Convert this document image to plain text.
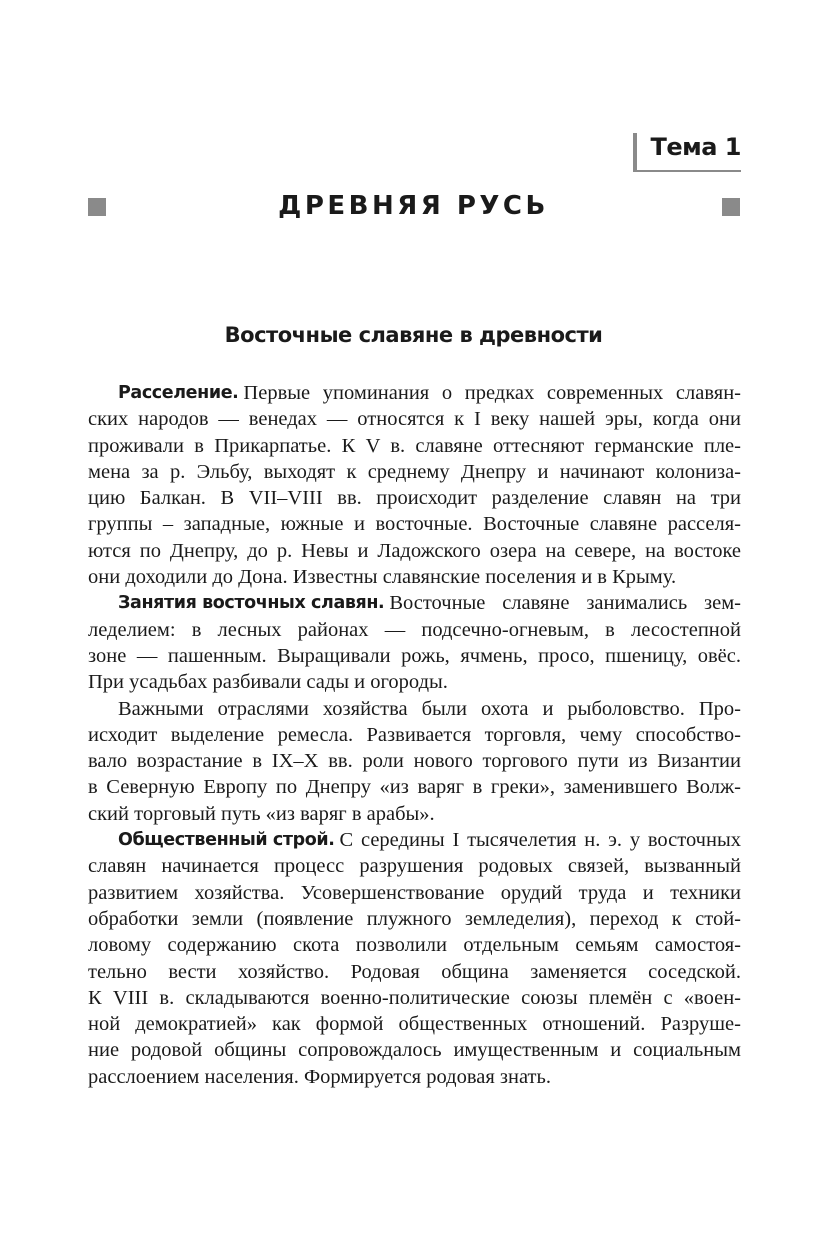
Тема 1
ДРЕВНЯЯ РУСЬ
Восточные славяне в древности
Расселение. Первые упоминания о предках современных славян-
ских народов — венедах — относятся к I веку нашей эры, когда они
проживали в Прикарпатье. К V в. славяне оттесняют германские пле-
мена за р. Эльбу, выходят к среднему Днепру и начинают колониза-
цию Балкан. В VII–VIII вв. происходит разделение славян на три
группы – западные, южные и восточные. Восточные славяне расселя-
ются по Днепру, до р. Невы и Ладожского озера на севере, на востоке
они доходили до Дона. Известны славянские поселения и в Крыму.
Занятия восточных славян. Восточные славяне занимались зем-
леделием: в лесных районах — подсечно-огневым, в лесостепной
зоне — пашенным. Выращивали рожь, ячмень, просо, пшеницу, овёс.
При усадьбах разбивали сады и огороды.
Важными отраслями хозяйства были охота и рыболовство. Про-
исходит выделение ремесла. Развивается торговля, чему способство-
вало возрастание в IX–X вв. роли нового торгового пути из Византии
в Северную Европу по Днепру «из варяг в греки», заменившего Волж-
ский торговый путь «из варяг в арабы».
Общественный строй. С середины I тысячелетия н. э. у восточных
славян начинается процесс разрушения родовых связей, вызванный
развитием хозяйства. Усовершенствование орудий труда и техники
обработки земли (появление плужного земледелия), переход к стой-
ловому содержанию скота позволили отдельным семьям самостоя-
тельно вести хозяйство. Родовая община заменяется соседской.
К VIII в. складываются военно-политические союзы племён с «воен-
ной демократией» как формой общественных отношений. Разруше-
ние родовой общины сопровождалось имущественным и социальным
расслоением населения. Формируется родовая знать.
